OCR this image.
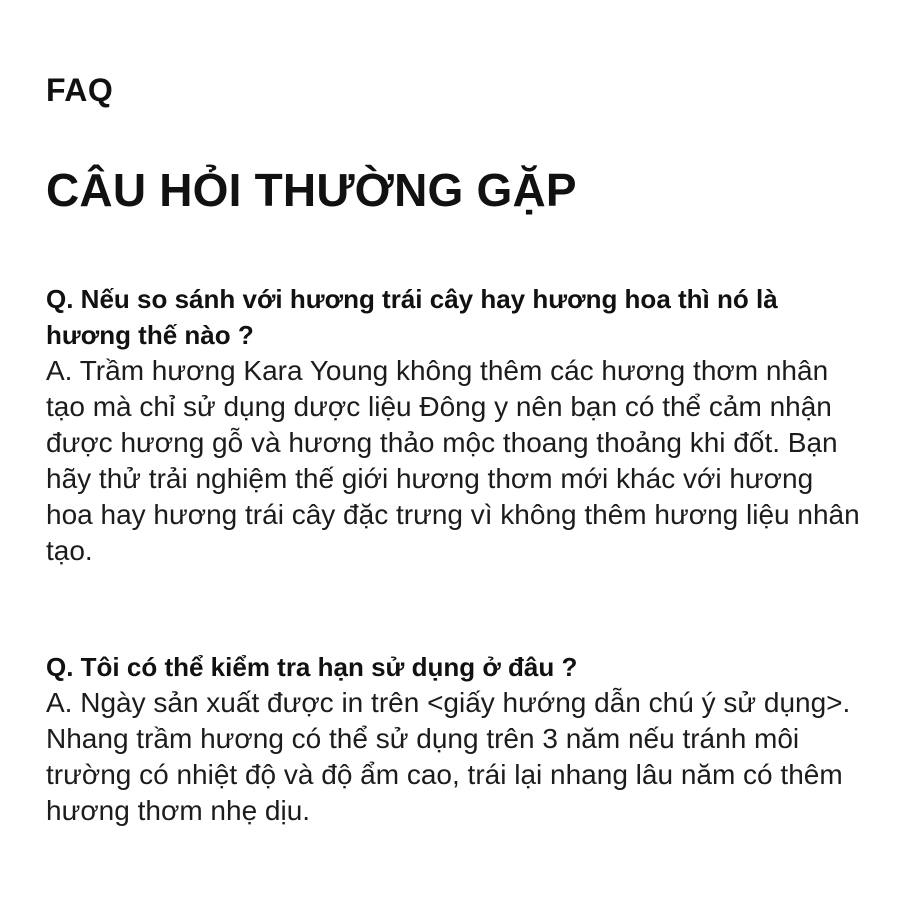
FAQ
CÂU HỎI THƯỜNG GẶP

Q. Nếu so sánh với hương trái cây hay hương hoa thì nó là hương thế nào ?

A. Trầm hương Kara Young không thêm các hương thơm nhân tạo mà chỉ sử dụng dược liệu Đông y nên bạn có thể cảm nhận được hương gỗ và hương thảo mộc thoang thoảng khi đốt. Bạn hãy thử trải nghiệm thế giới hương thơm mới khác với hương hoa hay hương trái cây đặc trưng vì không thêm hương liệu nhân tạo.

Q. Tôi có thể kiểm tra hạn sử dụng ở đâu ?

A. Ngày sản xuất được in trên <giấy hướng dẫn chú ý sử dụng>. Nhang trầm hương có thể sử dụng trên 3 năm nếu tránh môi trường có nhiệt độ và độ ẩm cao, trái lại nhang lâu năm có thêm hương thơm nhẹ dịu.
